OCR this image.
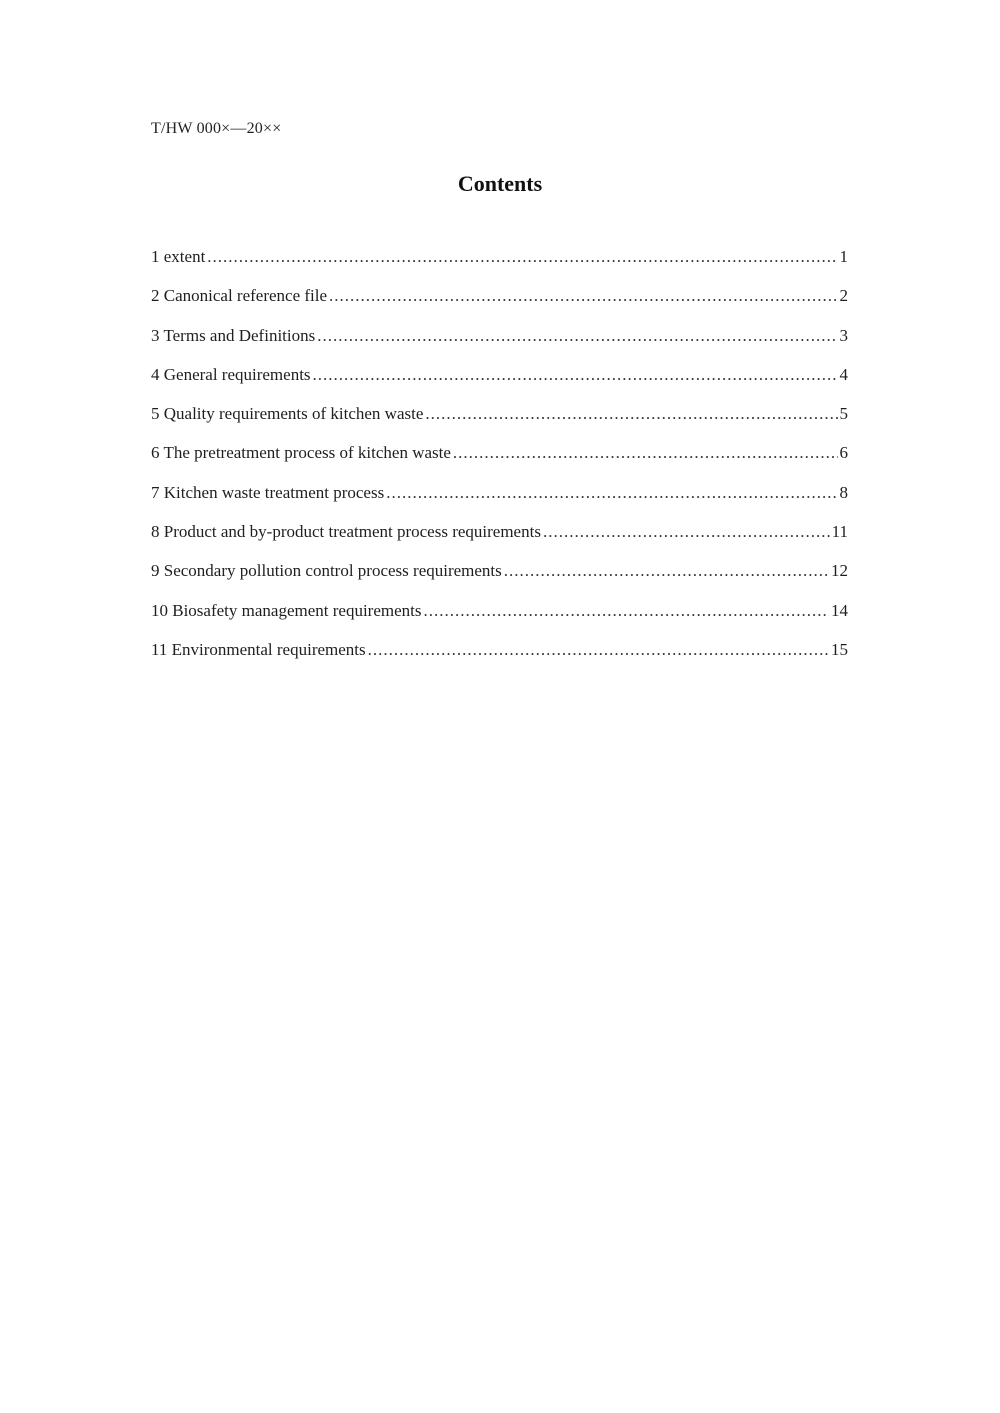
T/HW 000×—20××
Contents
1 extent .....	1
2 Canonical reference file .....	2
3 Terms and Definitions .....	3
4 General requirements .....	4
5 Quality requirements of kitchen waste .....	5
6 The pretreatment process of kitchen waste .....	6
7 Kitchen waste treatment process .....	8
8 Product and by-product treatment process requirements .....	11
9 Secondary pollution control process requirements .....	12
10 Biosafety management requirements .....	14
11 Environmental requirements .....	15
